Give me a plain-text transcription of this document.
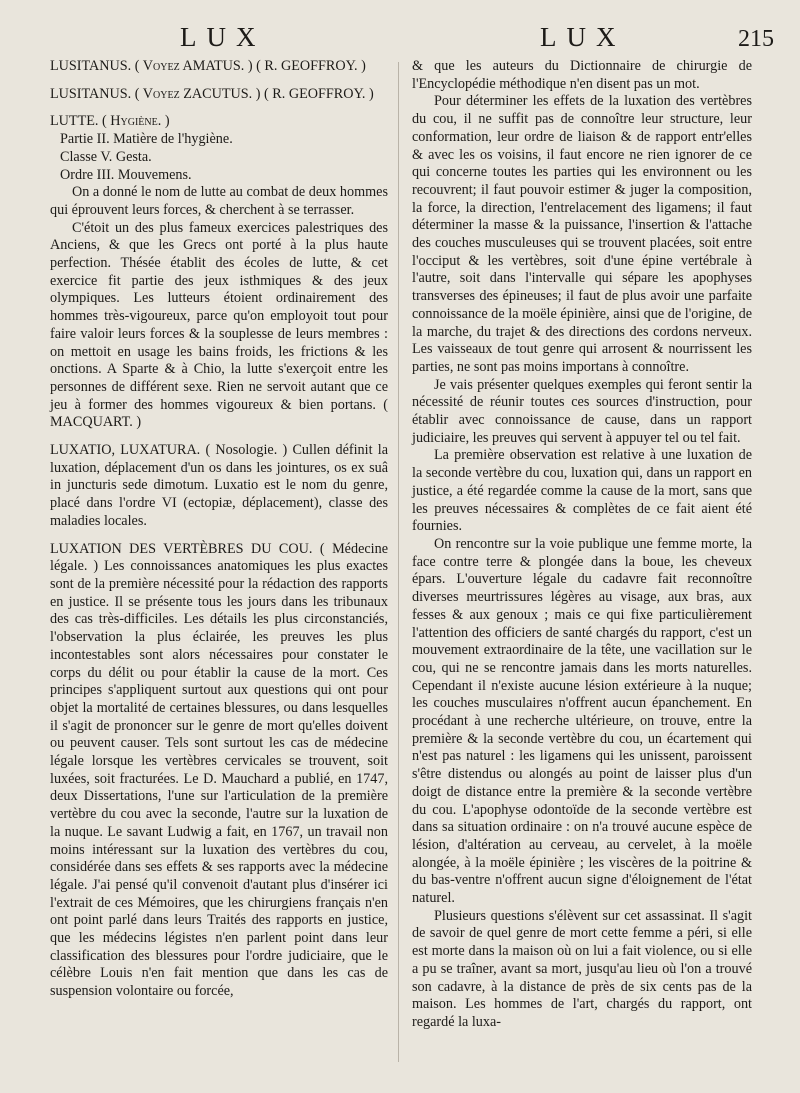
LUX	LUX	215

LUSITANUS. ( Voyez AMATUS. ) ( R. GEOFFROY. )

LUSITANUS. ( Voyez ZACUTUS. ) ( R. GEOFFROY. )

LUTTE. ( Hygiène. )

Partie II. Matière de l'hygiène.

Classe V. Gesta.

Ordre III. Mouvemens.

On a donné le nom de lutte au combat de deux hommes qui éprouvent leurs forces, & cherchent à se terrasser.

C'étoit un des plus fameux exercices palestriques des Anciens, & que les Grecs ont porté à la plus haute perfection. Thésée établit des écoles de lutte, & cet exercice fit partie des jeux isthmiques & des jeux olympiques. Les lutteurs étoient ordinairement des hommes très-vigoureux, parce qu'on employoit tout pour faire valoir leurs forces & la souplesse de leurs membres : on mettoit en usage les bains froids, les frictions & les onctions. A Sparte & à Chio, la lutte s'exerçoit entre les personnes de différent sexe. Rien ne servoit autant que ce jeu à former des hommes vigoureux & bien portans. ( MACQUART. )

LUXATIO, LUXATURA. ( Nosologie. ) Cullen définit la luxation, déplacement d'un os dans les jointures, os ex suâ in juncturis sede dimotum. Luxatio est le nom du genre, placé dans l'ordre VI (ectopiæ, déplacement), classe des maladies locales.

LUXATION DES VERTÈBRES DU COU. ( Médecine légale. ) Les connoissances anatomiques les plus exactes sont de la première nécessité pour la rédaction des rapports en justice. Il se présente tous les jours dans les tribunaux des cas très-difficiles. Les détails les plus circonstanciés, l'observation la plus éclairée, les preuves les plus incontestables sont alors nécessaires pour constater le corps du délit ou pour établir la cause de la mort. Ces principes s'appliquent surtout aux questions qui ont pour objet la mortalité de certaines blessures, ou dans lesquelles il s'agit de prononcer sur le genre de mort qu'elles doivent ou peuvent causer. Tels sont surtout les cas de médecine légale lorsque les vertèbres cervicales se trouvent, soit luxées, soit fracturées. Le D. Mauchard a publié, en 1747, deux Dissertations, l'une sur l'articulation de la première vertèbre du cou avec la seconde, l'autre sur la luxation de la nuque. Le savant Ludwig a fait, en 1767, un travail non moins intéressant sur la luxation des vertèbres du cou, considérée dans ses effets & ses rapports avec la médecine légale. J'ai pensé qu'il convenoit d'autant plus d'insérer ici l'extrait de ces Mémoires, que les chirurgiens français n'en ont point parlé dans leurs Traités des rapports en justice, que les médecins légistes n'en parlent point dans leur classification des blessures pour l'ordre judiciaire, que le célèbre Louis n'en fait mention que dans les cas de suspension volontaire ou forcée,

& que les auteurs du Dictionnaire de chirurgie de l'Encyclopédie méthodique n'en disent pas un mot.

Pour déterminer les effets de la luxation des vertèbres du cou, il ne suffit pas de connoître leur structure, leur conformation, leur ordre de liaison & de rapport entr'elles & avec les os voisins, il faut encore ne rien ignorer de ce qui concerne toutes les parties qui les environnent ou les recouvrent; il faut pouvoir estimer & juger la composition, la force, la direction, l'entrelacement des ligamens; il faut déterminer la masse & la puissance, l'insertion & l'attache des couches musculeuses qui se trouvent placées, soit entre l'occiput & les vertèbres, soit d'une épine vertébrale à l'autre, soit dans l'intervalle qui sépare les apophyses transverses des épineuses; il faut de plus avoir une parfaite connoissance de la moële épinière, ainsi que de l'origine, de la marche, du trajet & des directions des cordons nerveux. Les vaisseaux de tout genre qui arrosent & nourrissent les parties, ne sont pas moins importans à connoître.

Je vais présenter quelques exemples qui feront sentir la nécessité de réunir toutes ces sources d'instruction, pour établir avec connoissance de cause, dans un rapport judiciaire, les preuves qui servent à appuyer tel ou tel fait.

La première observation est relative à une luxation de la seconde vertèbre du cou, luxation qui, dans un rapport en justice, a été regardée comme la cause de la mort, sans que les preuves nécessaires & complètes de ce fait aient été fournies.

On rencontre sur la voie publique une femme morte, la face contre terre & plongée dans la boue, les cheveux épars. L'ouverture légale du cadavre fait reconnoître diverses meurtrissures légères au visage, aux bras, aux fesses & aux genoux ; mais ce qui fixe particulièrement l'attention des officiers de santé chargés du rapport, c'est un mouvement extraordinaire de la tête, une vacillation sur le cou, qui ne se rencontre jamais dans les morts naturelles. Cependant il n'existe aucune lésion extérieure à la nuque; les couches musculaires n'offrent aucun épanchement. En procédant à une recherche ultérieure, on trouve, entre la première & la seconde vertèbre du cou, un écartement qui n'est pas naturel : les ligamens qui les unissent, paroissent s'être distendus ou alongés au point de laisser plus d'un doigt de distance entre la première & la seconde vertèbre du cou. L'apophyse odontoïde de la seconde vertèbre est dans sa situation ordinaire : on n'a trouvé aucune espèce de lésion, d'altération au cerveau, au cervelet, à la moële alongée, à la moële épinière ; les viscères de la poitrine & du bas-ventre n'offrent aucun signe d'éloignement de l'état naturel.

Plusieurs questions s'élèvent sur cet assassinat. Il s'agit de savoir de quel genre de mort cette femme a péri, si elle est morte dans la maison où on lui a fait violence, ou si elle a pu se traîner, avant sa mort, jusqu'au lieu où l'on a trouvé son cadavre, à la distance de près de six cents pas de la maison. Les hommes de l'art, chargés du rapport, ont regardé la luxa-
